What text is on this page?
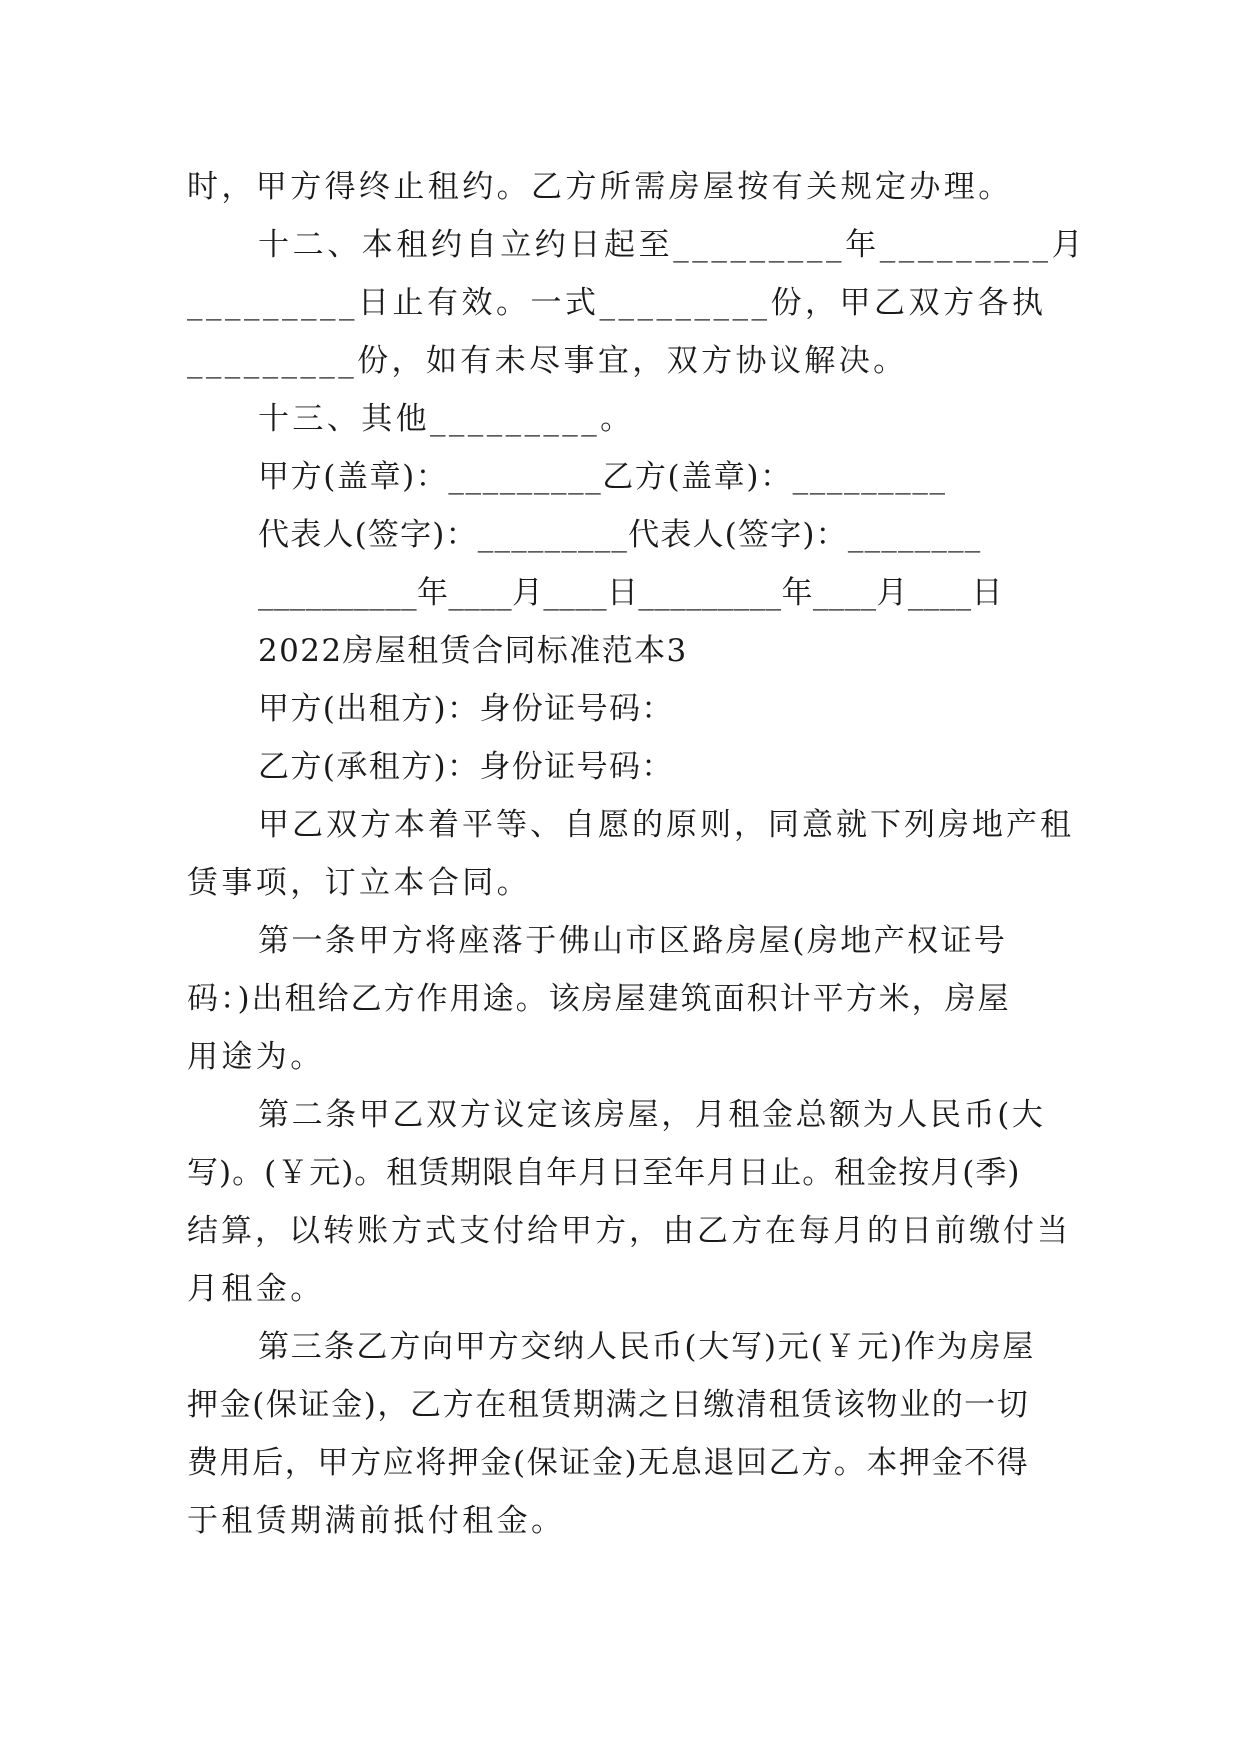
时，甲方得终止租约。乙方所需房屋按有关规定办理。
十二、本租约自立约日起至_________年_________月
_________日止有效。一式_________份，甲乙双方各执
_________份，如有未尽事宜，双方协议解决。
十三、其他_________。
甲方(盖章)：_________乙方(盖章)：_________
代表人(签字)：_________代表人(签字)：________
__________年____月____日_________年____月____日
2022房屋租赁合同标准范本3
甲方(出租方)：身份证号码：
乙方(承租方)：身份证号码：
甲乙双方本着平等、自愿的原则，同意就下列房地产租
赁事项，订立本合同。
第一条甲方将座落于佛山市区路房屋(房地产权证号
码：)出租给乙方作用途。该房屋建筑面积计平方米，房屋
用途为。
第二条甲乙双方议定该房屋，月租金总额为人民币(大
写)。(￥元)。租赁期限自年月日至年月日止。租金按月(季)
结算，以转账方式支付给甲方，由乙方在每月的日前缴付当
月租金。
第三条乙方向甲方交纳人民币(大写)元(￥元)作为房屋
押金(保证金)，乙方在租赁期满之日缴清租赁该物业的一切
费用后，甲方应将押金(保证金)无息退回乙方。本押金不得
于租赁期满前抵付租金。
